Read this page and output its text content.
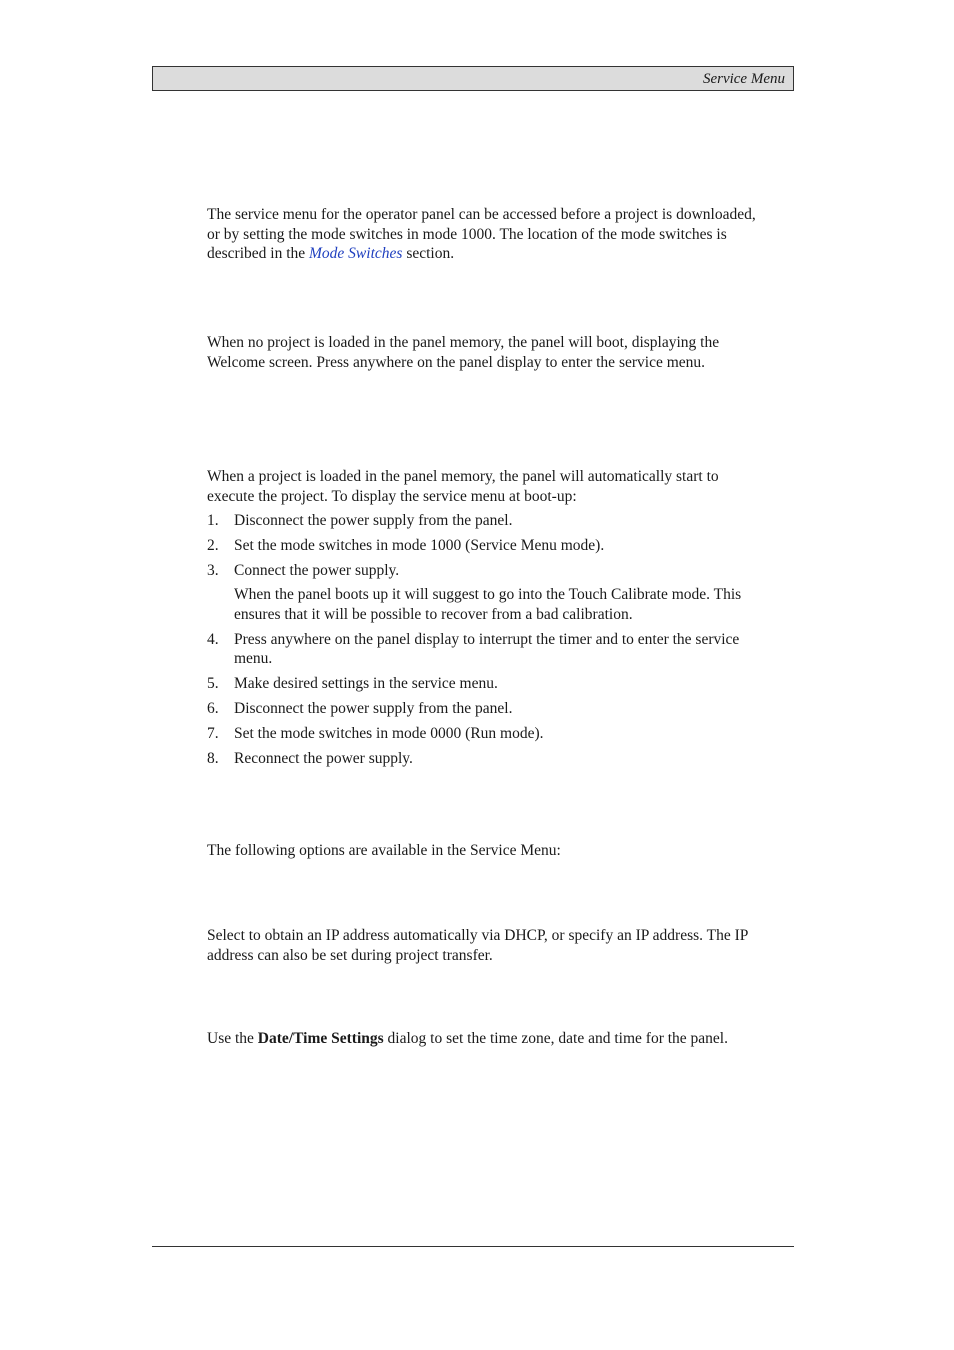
Service Menu

The service menu for the operator panel can be accessed before a project is downloaded, or by setting the mode switches in mode 1000. The location of the mode switches is described in the Mode Switches section.

When no project is loaded in the panel memory, the panel will boot, displaying the Welcome screen. Press anywhere on the panel display to enter the service menu.

When a project is loaded in the panel memory, the panel will automatically start to execute the project. To display the service menu at boot-up:

1. Disconnect the power supply from the panel.
2. Set the mode switches in mode 1000 (Service Menu mode).
3. Connect the power supply.
When the panel boots up it will suggest to go into the Touch Calibrate mode. This ensures that it will be possible to recover from a bad calibration.
4. Press anywhere on the panel display to interrupt the timer and to enter the service menu.
5. Make desired settings in the service menu.
6. Disconnect the power supply from the panel.
7. Set the mode switches in mode 0000 (Run mode).
8. Reconnect the power supply.

The following options are available in the Service Menu:

Select to obtain an IP address automatically via DHCP, or specify an IP address. The IP address can also be set during project transfer.

Use the Date/Time Settings dialog to set the time zone, date and time for the panel.
